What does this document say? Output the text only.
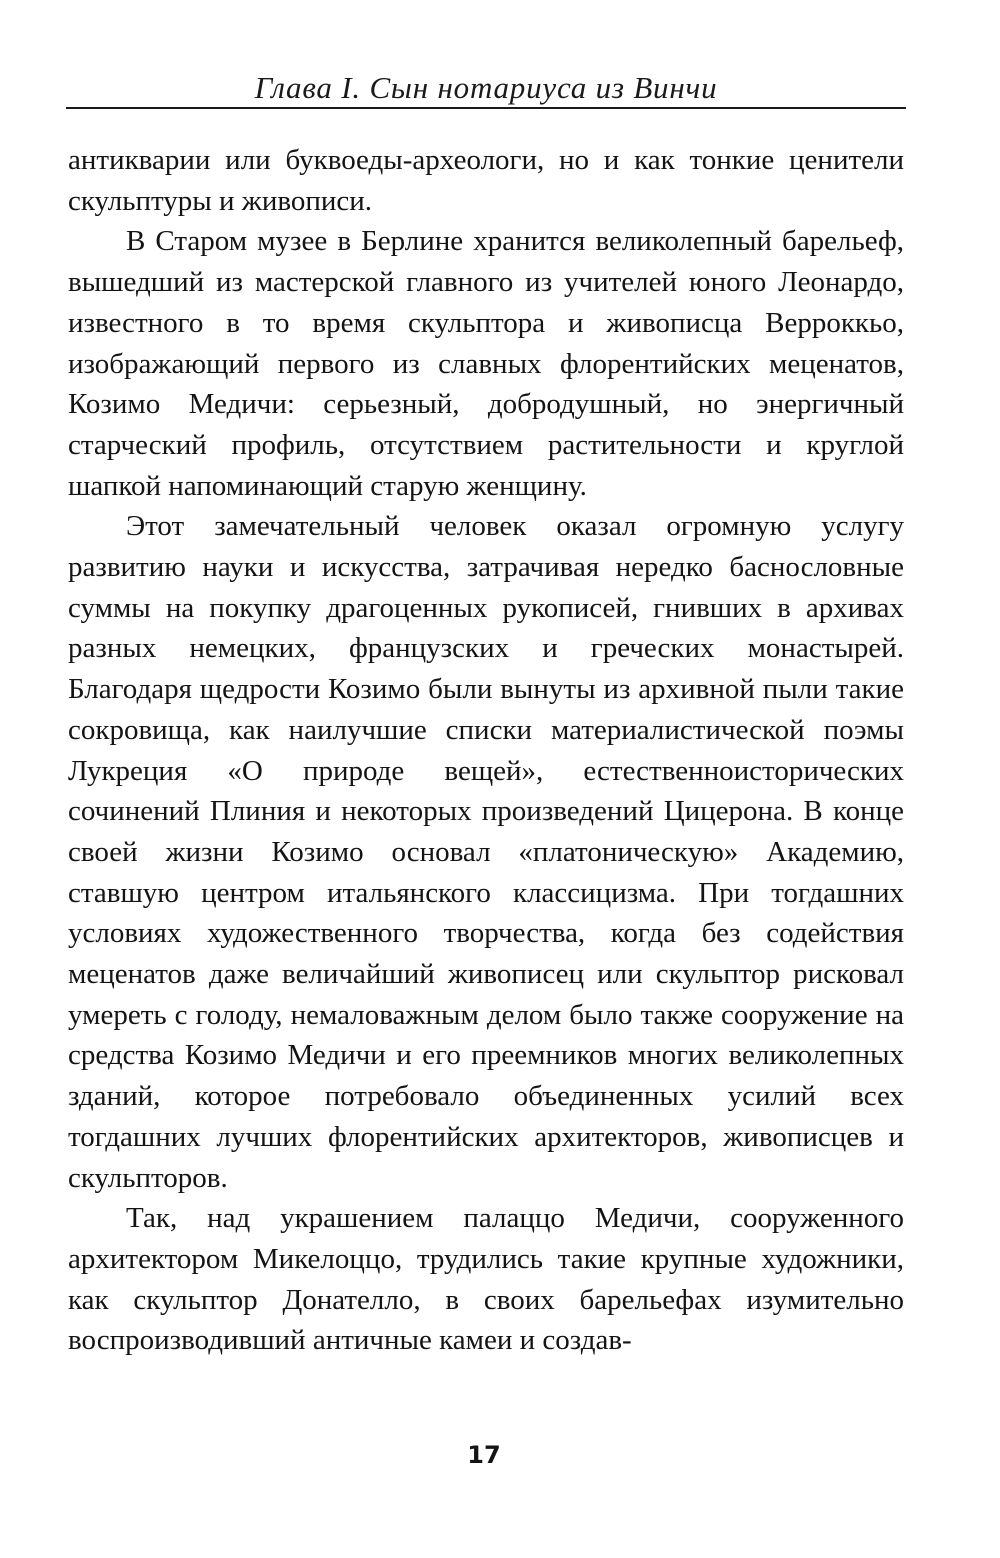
Глава I. Сын нотариуса из Винчи

антикварии или буквоеды-археологи, но и как тонкие ценители скульптуры и живописи.

В Старом музее в Берлине хранится великолепный барельеф, вышедший из мастерской главного из учителей юного Леонардо, известного в то время скульптора и живописца Верроккьо, изображающий первого из славных флорентийских меценатов, Козимо Медичи: серьезный, добродушный, но энергичный старческий профиль, отсутствием растительности и круглой шапкой напоминающий старую женщину.

Этот замечательный человек оказал огромную услугу развитию науки и искусства, затрачивая нередко баснословные суммы на покупку драгоценных рукописей, гнивших в архивах разных немецких, французских и греческих монастырей. Благодаря щедрости Козимо были вынуты из архивной пыли такие сокровища, как наилучшие списки материалистической поэмы Лукреция «О природе вещей», естественноисторических сочинений Плиния и некоторых произведений Цицерона. В конце своей жизни Козимо основал «платоническую» Академию, ставшую центром итальянского классицизма. При тогдашних условиях художественного творчества, когда без содействия меценатов даже величайший живописец или скульптор рисковал умереть с голоду, немаловажным делом было также сооружение на средства Козимо Медичи и его преемников многих великолепных зданий, которое потребовало объединенных усилий всех тогдашних лучших флорентийских архитекторов, живописцев и скульпторов.

Так, над украшением палаццо Медичи, сооруженного архитектором Микелоццо, трудились такие крупные художники, как скульптор Донателло, в своих барельефах изумительно воспроизводивший античные камеи и создав-

17
